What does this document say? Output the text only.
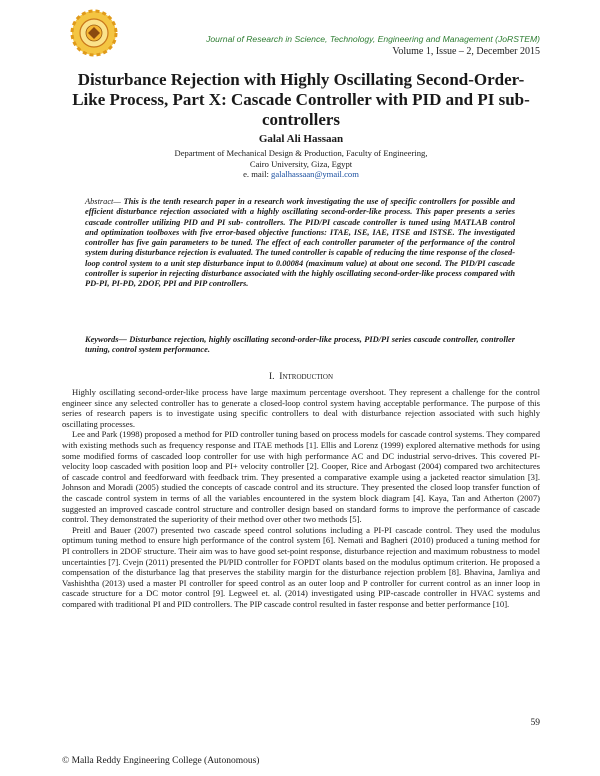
Journal of Research in Science, Technology, Engineering and Management (JoRSTEM)
Volume 1, Issue – 2, December 2015
Disturbance Rejection with Highly Oscillating Second-Order-Like Process, Part X: Cascade Controller with PID and PI sub-controllers
Galal Ali Hassaan
Department of Mechanical Design & Production, Faculty of Engineering,
Cairo University, Giza, Egypt
e. mail: galalhassaan@ymail.com
Abstract— This is the tenth research paper in a research work investigating the use of specific controllers for possible and efficient disturbance rejection associated with a highly oscillating second-order-like process. This paper presents a series cascade controller utilizing PID and PI sub- controllers. The PID/PI cascade controller is tuned using MATLAB control and optimization toolboxes with five error-based objective functions: ITAE, ISE, IAE, ITSE and ISTSE. The investigated controller has five gain parameters to be tuned. The effect of each controller parameter of the performance of the control system during disturbance rejection is evaluated. The tuned controller is capable of reducing the time response of the closed-loop control system to a unit step disturbance input to 0.00084 (maximum value) at about one second. The PID/PI cascade controller is superior in rejecting disturbance associated with the highly oscillating second-order-like process compared with PD-PI, PI-PD, 2DOF, PPI and PIP controllers.
Keywords— Disturbance rejection, highly oscillating second-order-like process, PID/PI series cascade controller, controller tuning, control system performance.
I. Introduction

Highly oscillating second-order-like process have large maximum percentage overshoot. They represent a challenge for the control engineer since any selected controller has to generate a closed-loop control system having acceptable performance. The purpose of this series of research papers is to investigate using specific controllers to deal with disturbance rejection associated with such highly oscillating processes.

Lee and Park (1998) proposed a method for PID controller tuning based on process models for cascade control systems. They compared with existing methods such as frequency response and ITAE methods [1]. Ellis and Lorenz (1999) explored alternative methods for using some modified forms of cascaded loop controller for use with high performance AC and DC industrial servo-drives. This covered PI-velocity loop cascaded with position loop and PI+ velocity controller [2]. Cooper, Rice and Arbogast (2004) compared two architectures of cascade control and feedforward with feedback trim. They presented a comparative example using a jacketed reactor simulation [3]. Johnson and Moradi (2005) studied the concepts of cascade control and its structure. They presented the closed loop transfer function of the cascade control system in terms of all the variables encountered in the system block diagram [4]. Kaya, Tan and Atherton (2007) suggested an improved cascade control structure and controller design based on standard forms to improve the performance of cascade control. They demonstrated the superiority of their method over other two methods [5].

Preitl and Bauer (2007) presented two cascade speed control solutions including a PI-PI cascade control. They used the modulus optimum tuning method to ensure high performance of the control system [6]. Nemati and Bagheri (2010) produced a tuning method for PI controllers in 2DOF structure. Their aim was to have good set-point response, disturbance rejection and maximum robustness to model uncertainties [7]. Cvejn (2011) presented the PI/PID controller for FOPDT olants based on the modulus optimum criterion. He proposed a compensation of the disturbance lag that preserves the stability margin for the disturbance rejection problem [8]. Bhavina, Jamliya and Vashishtha (2013) used a master PI controller for speed control as an outer loop and P controller for current control as an inner loop in cascade structure for a DC motor control [9]. Legweel et. al. (2014) investigated using PIP-cascade controller in HVAC systems and compared with traditional PI and PID controllers. The PIP cascade control resulted in faster response and better performance [10].

59
© Malla Reddy Engineering College (Autonomous)
